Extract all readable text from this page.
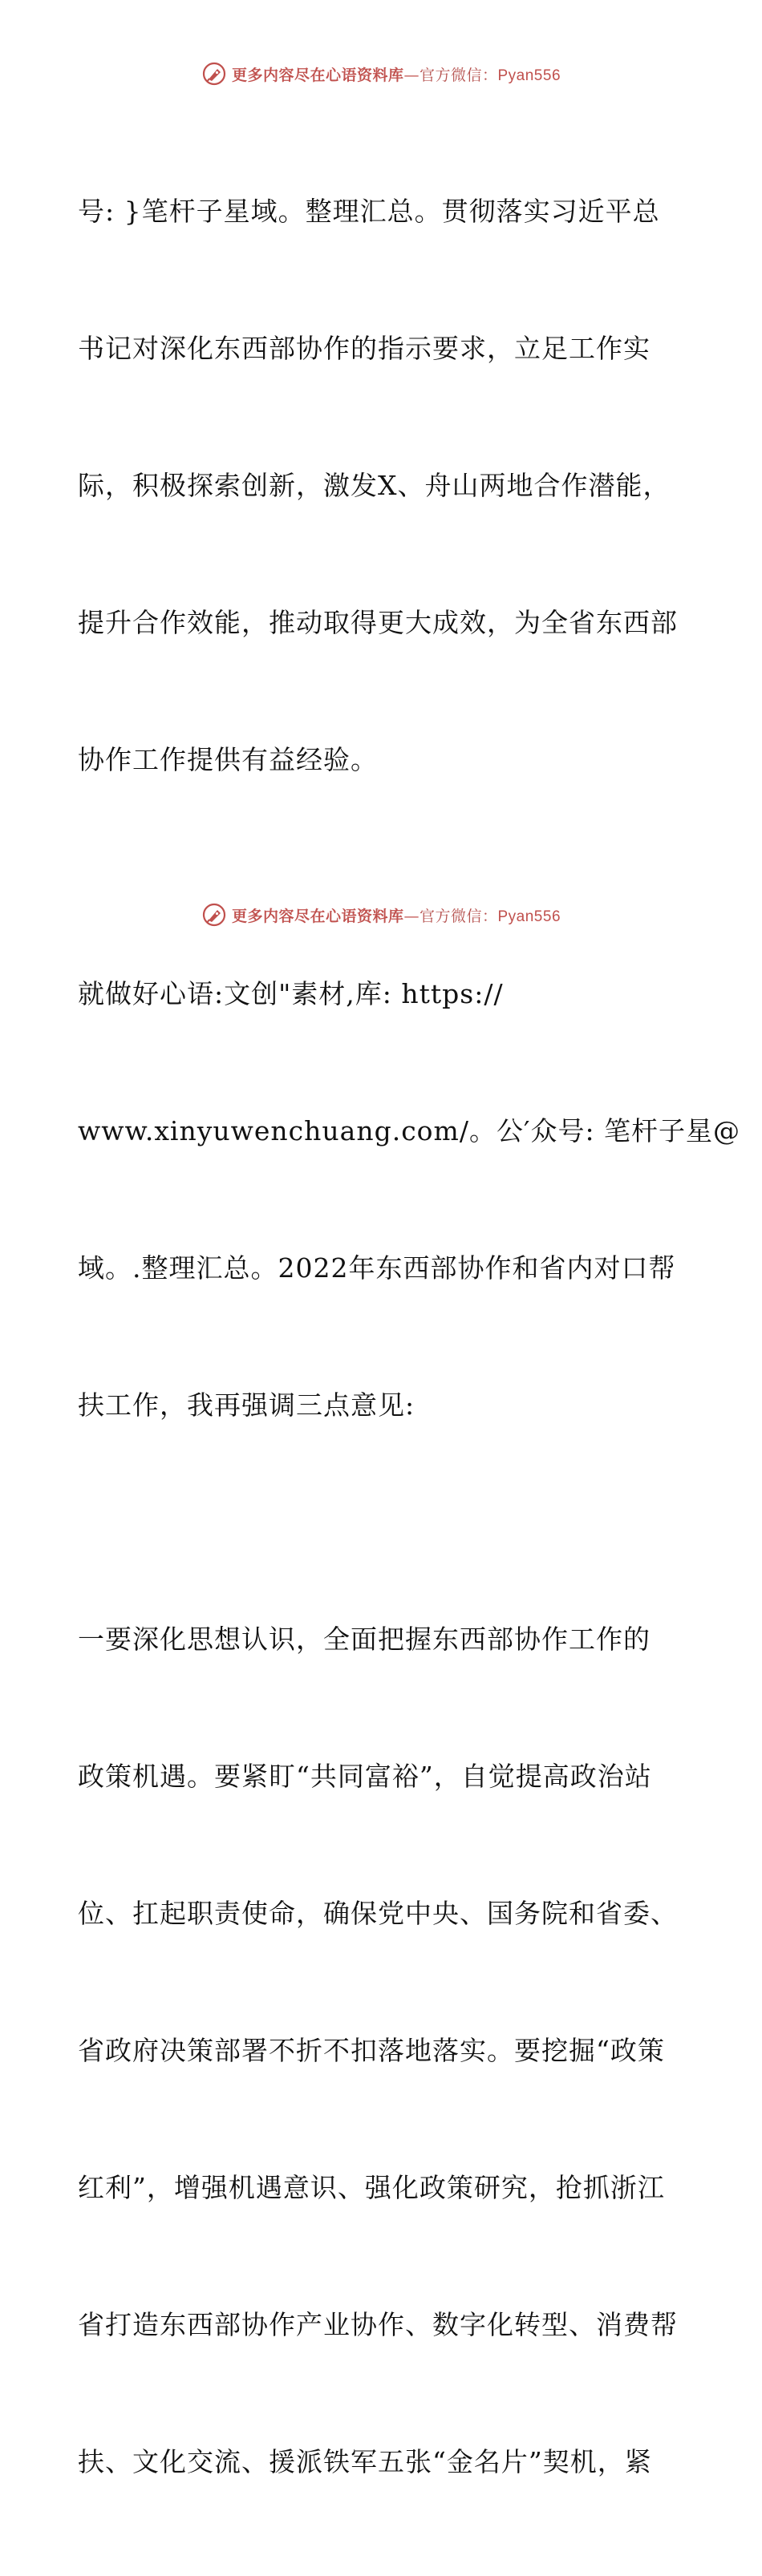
更多内容尽在心语资料库—官方微信：Pyan556

号: }笔杆子星域。整理汇总。贯彻落实习近平总

书记对深化东西部协作的指示要求，立足工作实

际，积极探索创新，激发X、舟山两地合作潜能，

提升合作效能，推动取得更大成效，为全省东西部

协作工作提供有益经验。

就做好心语:文创"素材,库: https://

www.xinyuwenchuang.com/。公′众号: 笔杆子星@

域。.整理汇总。2022年东西部协作和省内对口帮

扶工作，我再强调三点意见:

一要深化思想认识，全面把握东西部协作工作的

政策机遇。要紧盯“共同富裕”，自觉提高政治站

位、扛起职责使命，确保党中央、国务院和省委、

省政府决策部署不折不扣落地落实。要挖掘“政策

红利”，增强机遇意识、强化政策研究，抢抓浙江

省打造东西部协作产业协作、数字化转型、消费帮

扶、文化交流、援派铁军五张“金名片”契机，紧

更多内容尽在心语资料库—官方微信：Pyan556
